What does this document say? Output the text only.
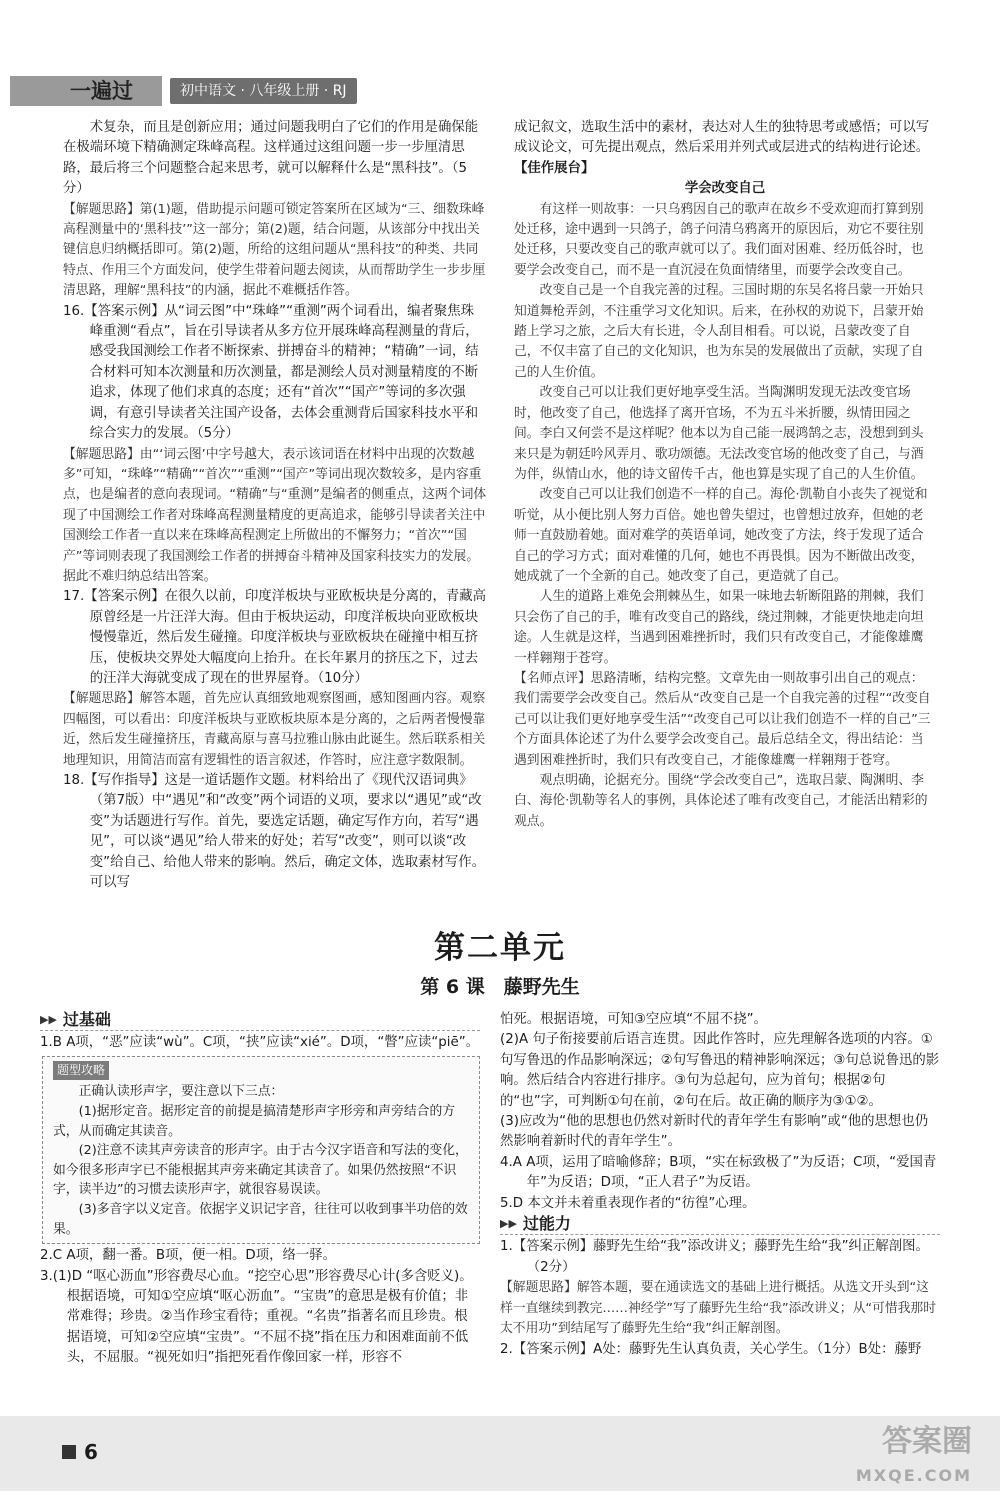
一遍过	初中语文 · 八年级上册 · RJ

术复杂，而且是创新应用；通过问题我明白了它们的作用是确保能在极端环境下精确测定珠峰高程。这样通过这组问题一步一步厘清思路，最后将三个问题整合起来思考，就可以解释什么是“黑科技”。（5分）

【解题思路】第(1)题，借助提示问题可锁定答案所在区域为“三、细数珠峰高程测量中的‘黑科技’”这一部分；第(2)题，结合问题，从该部分中找出关键信息归纳概括即可。第(2)题，所给的这组问题从“黑科技”的种类、共同特点、作用三个方面发问，使学生带着问题去阅读，从而帮助学生一步步厘清思路，理解“黑科技”的内涵，据此不难概括作答。

16.【答案示例】从“词云图”中“珠峰”“重测”两个词看出，编者聚焦珠峰重测“看点”，旨在引导读者从多方位开展珠峰高程测量的背后，感受我国测绘工作者不断探索、拼搏奋斗的精神；“精确”一词，结合材料可知本次测量和历次测量，都是测绘人员对测量精度的不断追求，体现了他们求真的态度；还有“首次”“国产”等词的多次强调，有意引导读者关注国产设备，去体会重测背后国家科技水平和综合实力的发展。（5分）

【解题思路】由“‘词云图’中字号越大，表示该词语在材料中出现的次数越多”可知，“珠峰”“精确”“首次”“重测”“国产”等词出现次数较多，是内容重点，也是编者的意向表现词。“精确”与“重测”是编者的侧重点，这两个词体现了中国测绘工作者对珠峰高程测量精度的更高追求，能够引导读者关注中国测绘工作者一直以来在珠峰高程测定上所做出的不懈努力；“首次”“国产”等词则表现了我国测绘工作者的拼搏奋斗精神及国家科技实力的发展。据此不难归纳总结出答案。

17.【答案示例】在很久以前，印度洋板块与亚欧板块是分离的，青藏高原曾经是一片汪洋大海。但由于板块运动，印度洋板块向亚欧板块慢慢靠近，然后发生碰撞。印度洋板块与亚欧板块在碰撞中相互挤压，使板块交界处大幅度向上抬升。在长年累月的挤压之下，过去的汪洋大海就变成了现在的世界屋脊。（10分）

【解题思路】解答本题，首先应认真细致地观察图画，感知图画内容。观察四幅图，可以看出：印度洋板块与亚欧板块原本是分离的，之后两者慢慢靠近，然后发生碰撞挤压，青藏高原与喜马拉雅山脉由此诞生。然后联系相关地理知识，用简洁而富有逻辑性的语言叙述，作答时，应注意字数限制。

18.【写作指导】这是一道话题作文题。材料给出了《现代汉语词典》（第7版）中“遇见”和“改变”两个词语的义项，要求以“遇见”或“改变”为话题进行写作。首先，要选定话题，确定写作方向，若写“遇见”，可以谈“遇见”给人带来的好处；若写“改变”，则可以谈“改变”给自己、给他人带来的影响。然后，确定文体，选取素材写作。可以写

成记叙文，选取生活中的素材，表达对人生的独特思考或感悟；可以写成议论文，可先提出观点，然后采用并列式或层进式的结构进行论述。

【佳作展台】

学会改变自己

有这样一则故事：一只乌鸦因自己的歌声在故乡不受欢迎而打算到别处迁移，途中遇到一只鸽子，鸽子问清乌鸦离开的原因后，劝它不要往别处迁移，只要改变自己的歌声就可以了。我们面对困难、经历低谷时，也要学会改变自己，而不是一直沉浸在负面情绪里，而要学会改变自己。

改变自己是一个自我完善的过程。三国时期的东吴名将吕蒙一开始只知道舞枪弄剑，不注重学习文化知识。后来，在孙权的劝说下，吕蒙开始踏上学习之旅，之后大有长进，令人刮目相看。可以说，吕蒙改变了自己，不仅丰富了自己的文化知识，也为东吴的发展做出了贡献，实现了自己的人生价值。

改变自己可以让我们更好地享受生活。当陶渊明发现无法改变官场时，他改变了自己，他选择了离开官场，不为五斗米折腰，纵情田园之间。李白又何尝不是这样呢？他本以为自己能一展鸿鹄之志，没想到到头来只是为朝廷吟风弄月、歌功颂德。无法改变官场的他改变了自己，与酒为伴，纵情山水，他的诗文留传千古，他也算是实现了自己的人生价值。

改变自己可以让我们创造不一样的自己。海伦·凯勒自小丧失了视觉和听觉，从小便比别人努力百倍。她也曾失望过，也曾想过放弃，但她的老师一直鼓励着她。面对难学的英语单词，她改变了方法，终于发现了适合自己的学习方式；面对难懂的几何，她也不再畏惧。因为不断做出改变，她成就了一个全新的自己。她改变了自己，更造就了自己。

人生的道路上难免会荆棘丛生，如果一味地去斩断阻路的荆棘，我们只会伤了自己的手，唯有改变自己的路线，绕过荆棘，才能更快地走向坦途。人生就是这样，当遇到困难挫折时，我们只有改变自己，才能像雄鹰一样翱翔于苍穹。

【名师点评】思路清晰，结构完整。文章先由一则故事引出自己的观点：我们需要学会改变自己。然后从“改变自己是一个自我完善的过程”“改变自己可以让我们更好地享受生活”“改变自己可以让我们创造不一样的自己”三个方面具体论述了为什么要学会改变自己。最后总结全文，得出结论：当遇到困难挫折时，我们只有改变自己，才能像雄鹰一样翱翔于苍穹。

观点明确，论据充分。围绕“学会改变自己”，选取吕蒙、陶渊明、李白、海伦·凯勒等名人的事例，具体论述了唯有改变自己，才能活出精彩的观点。

第二单元
第 6 课　藤野先生
▶▶ 过基础

1.B A项，“恶”应读“wù”。C项，“挟”应读“xié”。D项，“瞥”应读“piē”。

题型攻略

正确认读形声字，要注意以下三点：

(1)据形定音。据形定音的前提是搞清楚形声字形旁和声旁结合的方式，从而确定其读音。

(2)注意不读其声旁读音的形声字。由于古今汉字语音和写法的变化，如今很多形声字已不能根据其声旁来确定其读音了。如果仍然按照“不识字，读半边”的习惯去读形声字，就很容易误读。

(3)多音字以义定音。依据字义识记字音，往往可以收到事半功倍的效果。

2.C A项，翻一番。B项，便一相。D项，络一驿。

3.(1)D “呕心沥血”形容费尽心血。“挖空心思”形容费尽心计(多含贬义)。根据语境，可知①空应填“呕心沥血”。“宝贵”的意思是极有价值；非常难得；珍贵。②当作珍宝看待；重视。“名贵”指著名而且珍贵。根据语境，可知②空应填“宝贵”。“不屈不挠”指在压力和困难面前不低头，不屈服。“视死如归”指把死看作像回家一样，形容不

怕死。根据语境，可知③空应填“不屈不挠”。

(2)A 句子衔接要前后语言连贯。因此作答时，应先理解各选项的内容。①句写鲁迅的作品影响深远；②句写鲁迅的精神影响深远；③句总说鲁迅的影响。然后结合内容进行排序。③句为总起句，应为首句；根据②句的“也”字，可判断①句在前，②句在后。故正确的顺序为③①②。

(3)应改为“他的思想也仍然对新时代的青年学生有影响”或“他的思想也仍然影响着新时代的青年学生”。

4.A A项，运用了暗喻修辞；B项，“实在标致极了”为反语；C项，“爱国青年”为反语；D项，“正人君子”为反语。

5.D 本文并未着重表现作者的“彷徨”心理。

▶▶ 过能力

1.【答案示例】藤野先生给“我”添改讲义；藤野先生给“我”纠正解剖图。（2分）

【解题思路】解答本题，要在通读选文的基础上进行概括。从选文开头到“这样一直继续到教完……神经学”写了藤野先生给“我”添改讲义；从“可惜我那时太不用功”到结尾写了藤野先生给“我”纠正解剖图。

2.【答案示例】A处：藤野先生认真负责，关心学生。（1分）B处：藤野

6	答案圈
MXQE.COM
